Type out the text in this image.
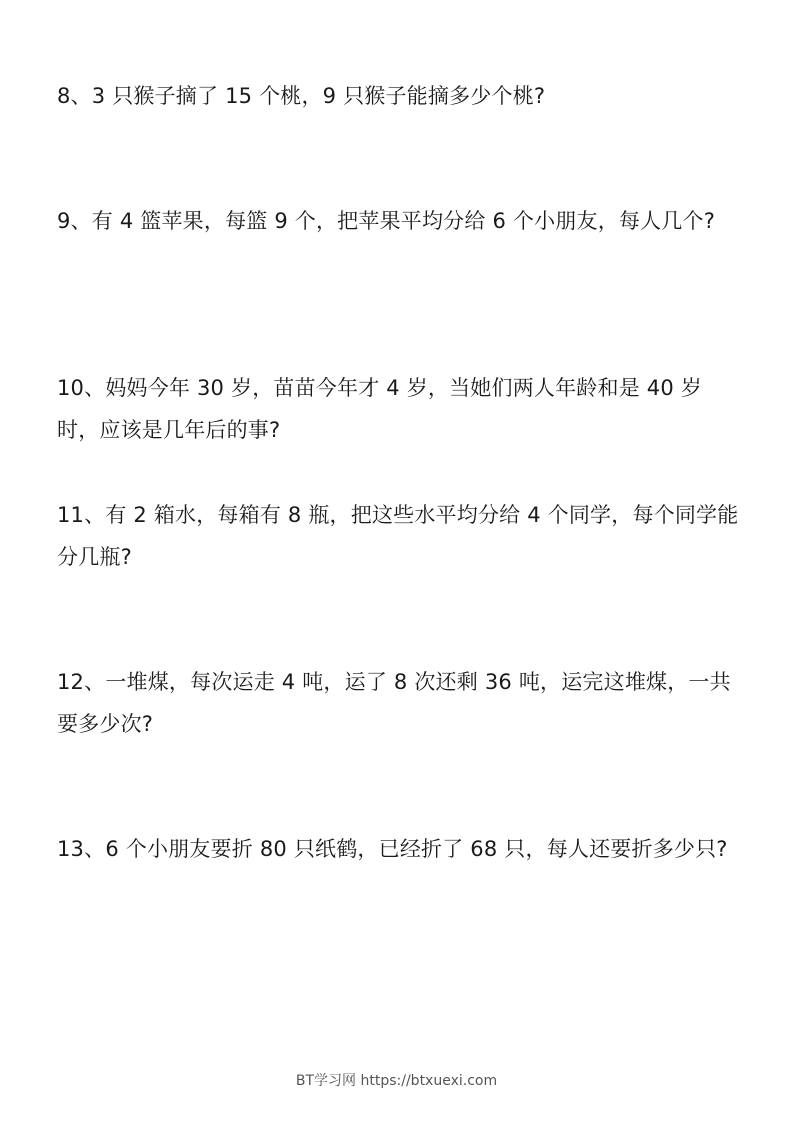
8、3 只猴子摘了 15 个桃，9 只猴子能摘多少个桃?

9、有 4 篮苹果，每篮 9 个，把苹果平均分给 6 个小朋友，每人几个?

10、妈妈今年 30 岁，苗苗今年才 4 岁，当她们两人年龄和是 40 岁时，应该是几年后的事?

11、有 2 箱水，每箱有 8 瓶，把这些水平均分给 4 个同学，每个同学能分几瓶?

12、一堆煤，每次运走 4 吨，运了 8 次还剩 36 吨，运完这堆煤，一共要多少次?

13、6 个小朋友要折 80 只纸鹤，已经折了 68 只，每人还要折多少只?

BT学习网 https://btxuexi.com
